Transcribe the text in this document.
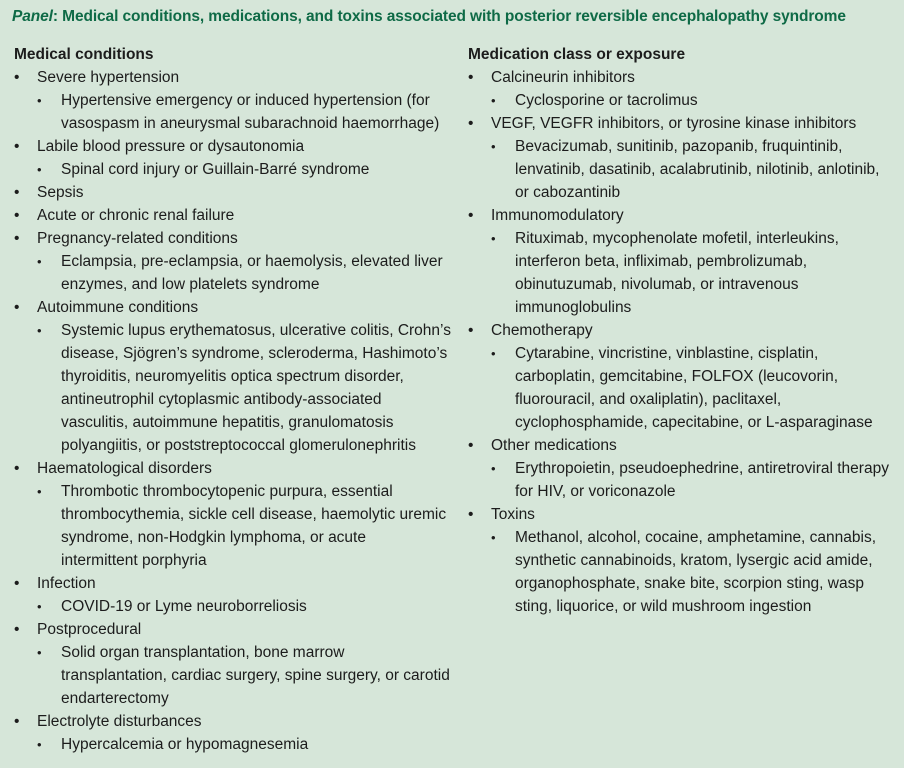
Panel: Medical conditions, medications, and toxins associated with posterior reversible encephalopathy syndrome
Medical conditions
• Severe hypertension
• Hypertensive emergency or induced hypertension (for
vasospasm in aneurysmal subarachnoid haemorrhage)
• Labile blood pressure or dysautonomia
• Spinal cord injury or Guillain-Barré syndrome
• Sepsis
• Acute or chronic renal failure
• Pregnancy-related conditions
• Eclampsia, pre-eclampsia, or haemolysis, elevated liver
enzymes, and low platelets syndrome
• Autoimmune conditions
• Systemic lupus erythematosus, ulcerative colitis, Crohn’s
disease, Sjögren’s syndrome, scleroderma, Hashimoto’s
thyroiditis, neuromyelitis optica spectrum disorder,
antineutrophil cytoplasmic antibody-associated
vasculitis, autoimmune hepatitis, granulomatosis
polyangiitis, or poststreptococcal glomerulonephritis
• Haematological disorders
• Thrombotic thrombocytopenic purpura, essential
thrombocythemia, sickle cell disease, haemolytic uremic
syndrome, non-Hodgkin lymphoma, or acute
intermittent porphyria
• Infection
• COVID-19 or Lyme neuroborreliosis
• Postprocedural
• Solid organ transplantation, bone marrow
transplantation, cardiac surgery, spine surgery, or carotid
endarterectomy
• Electrolyte disturbances
• Hypercalcemia or hypomagnesemia
Medication class or exposure
• Calcineurin inhibitors
• Cyclosporine or tacrolimus
• VEGF, VEGFR inhibitors, or tyrosine kinase inhibitors
• Bevacizumab, sunitinib, pazopanib, fruquintinib,
lenvatinib, dasatinib, acalabrutinib, nilotinib, anlotinib,
or cabozantinib
• Immunomodulatory
• Rituximab, mycophenolate mofetil, interleukins,
interferon beta, infliximab, pembrolizumab,
obinutuzumab, nivolumab, or intravenous
immunoglobulins
• Chemotherapy
• Cytarabine, vincristine, vinblastine, cisplatin,
carboplatin, gemcitabine, FOLFOX (leucovorin,
fluorouracil, and oxaliplatin), paclitaxel,
cyclophosphamide, capecitabine, or L-asparaginase
• Other medications
• Erythropoietin, pseudoephedrine, antiretroviral therapy
for HIV, or voriconazole
• Toxins
• Methanol, alcohol, cocaine, amphetamine, cannabis,
synthetic cannabinoids, kratom, lysergic acid amide,
organophosphate, snake bite, scorpion sting, wasp
sting, liquorice, or wild mushroom ingestion
